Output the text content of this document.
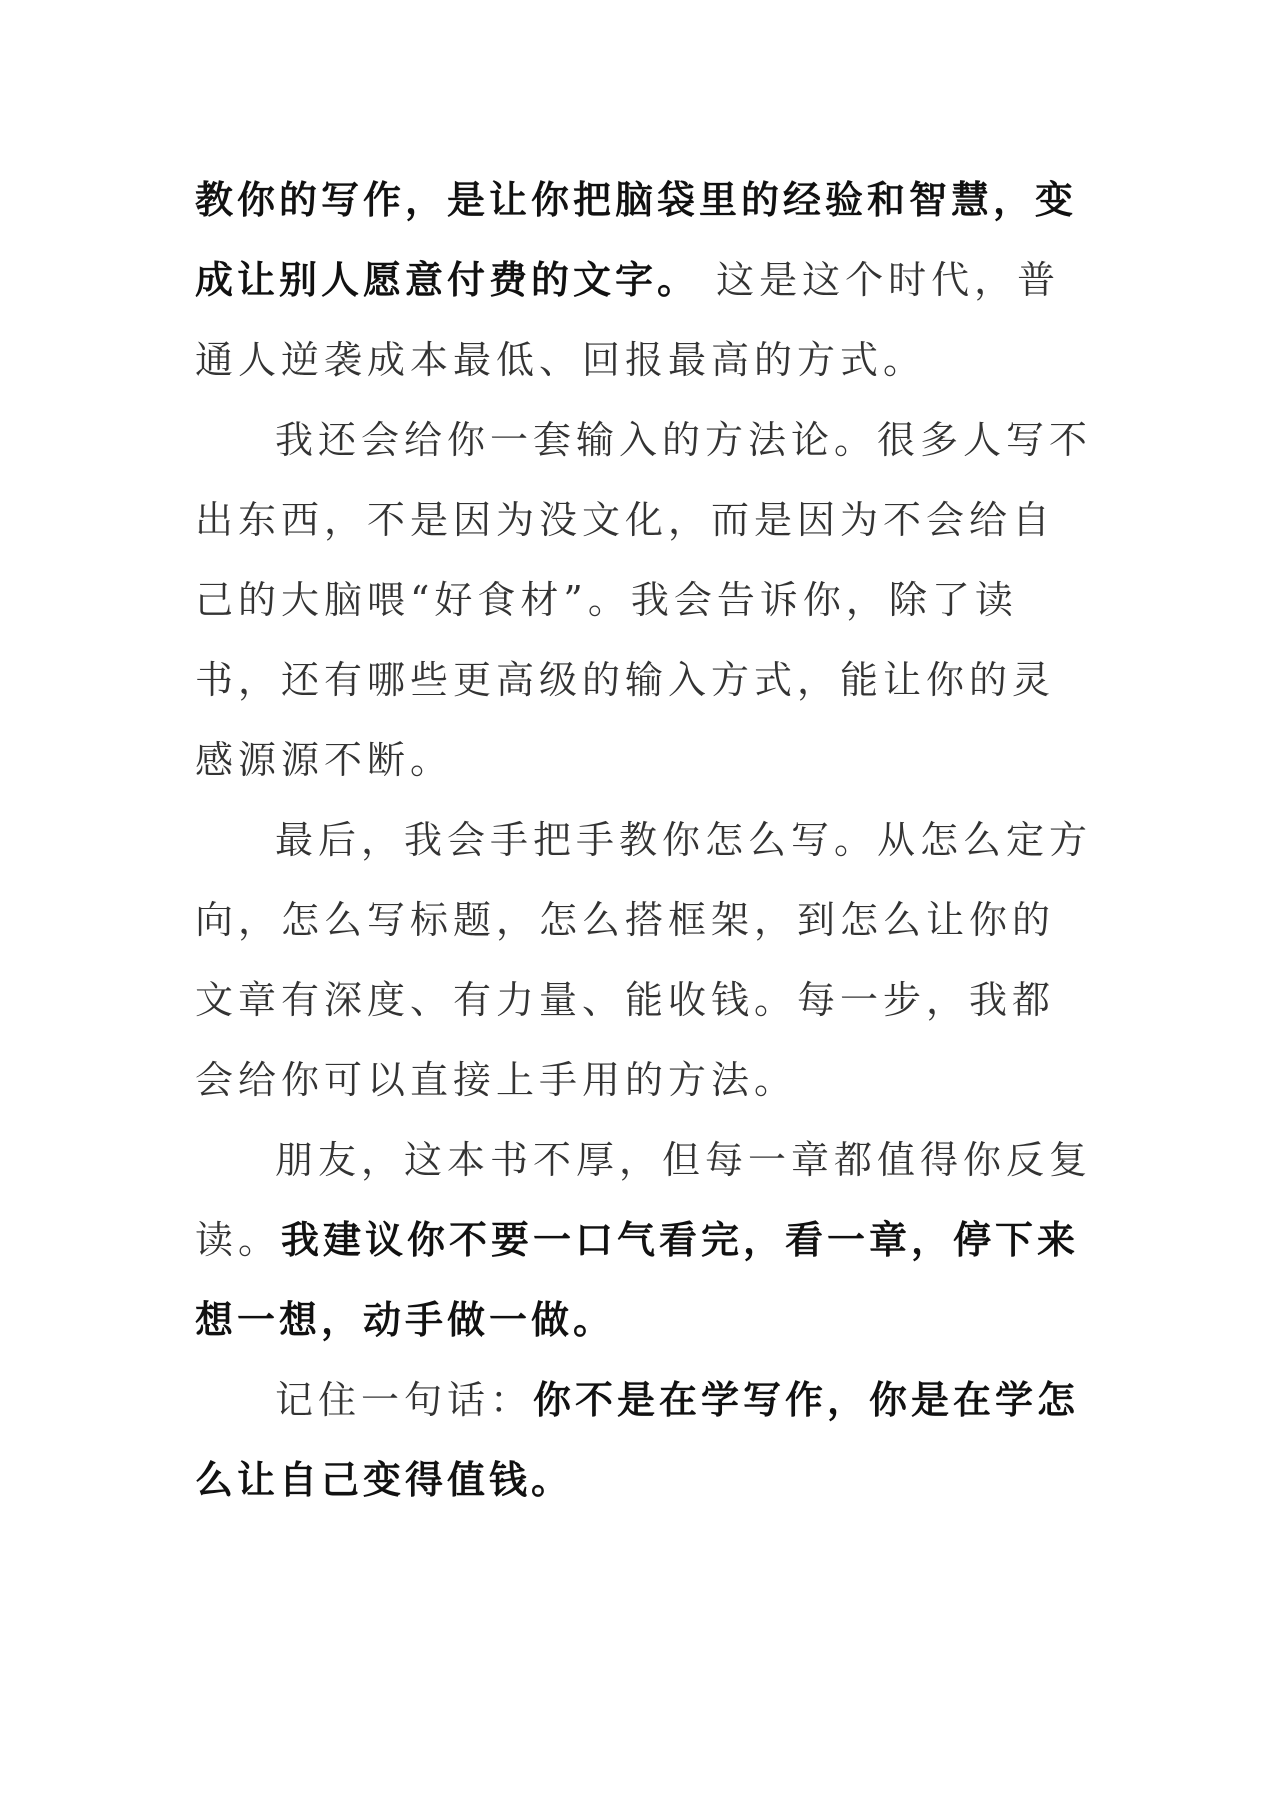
教你的写作，是让你把脑袋里的经验和智慧，变成让别人愿意付费的文字。 这是这个时代，普通人逆袭成本最低、回报最高的方式。

我还会给你一套输入的方法论。很多人写不出东西，不是因为没文化，而是因为不会给自己的大脑喂“好食材”。我会告诉你，除了读书，还有哪些更高级的输入方式，能让你的灵感源源不断。

最后，我会手把手教你怎么写。从怎么定方向，怎么写标题，怎么搭框架，到怎么让你的文章有深度、有力量、能收钱。每一步，我都会给你可以直接上手用的方法。

朋友，这本书不厚，但每一章都值得你反复读。我建议你不要一口气看完，看一章，停下来想一想，动手做一做。

记住一句话：你不是在学写作，你是在学怎么让自己变得值钱。
